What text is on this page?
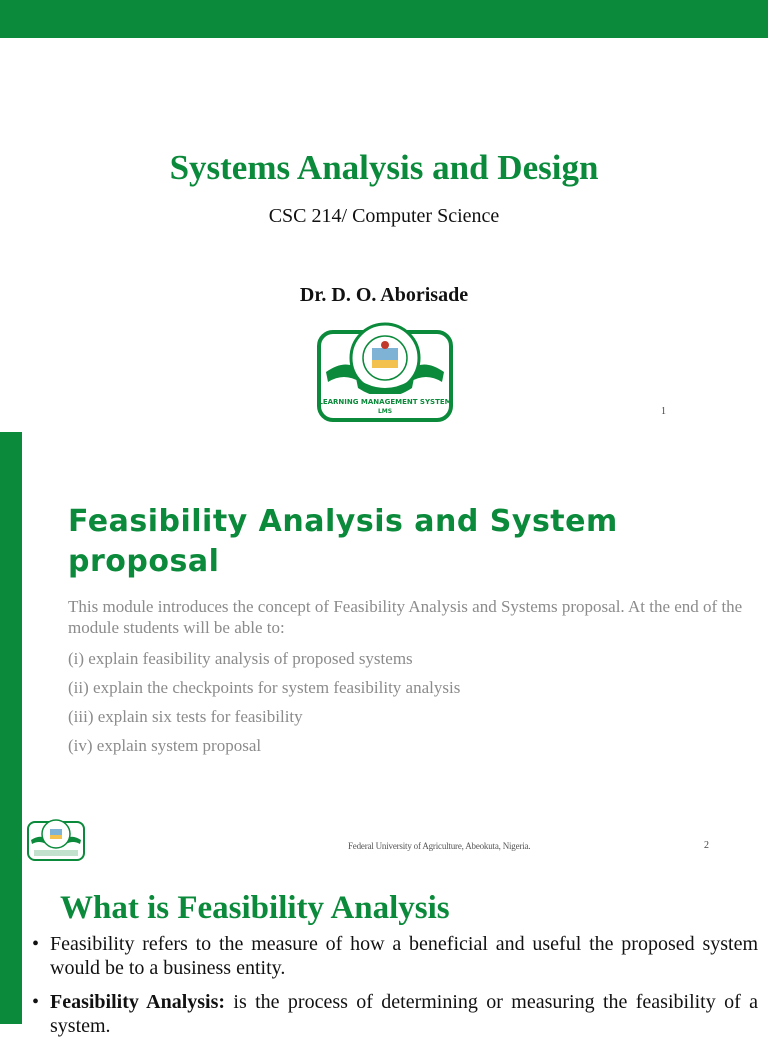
Systems Analysis and Design
CSC 214/ Computer Science
Dr. D. O. Aborisade
LEARNING MANAGEMENT SYSTEM
LMS	1
Feasibility Analysis and System proposal
This module introduces the concept of Feasibility Analysis and Systems proposal. At the end of the module students will be able to:
(i) explain feasibility analysis of proposed systems
(ii) explain the checkpoints for system feasibility analysis
(iii) explain six tests for feasibility
(iv) explain system proposal
Federal University of Agriculture, Abeokuta, Nigeria.	2
What is Feasibility Analysis
• Feasibility refers to the measure of how a beneficial and useful the proposed system would be to a business entity.
• Feasibility Analysis: is the process of determining or measuring the feasibility of a system.
